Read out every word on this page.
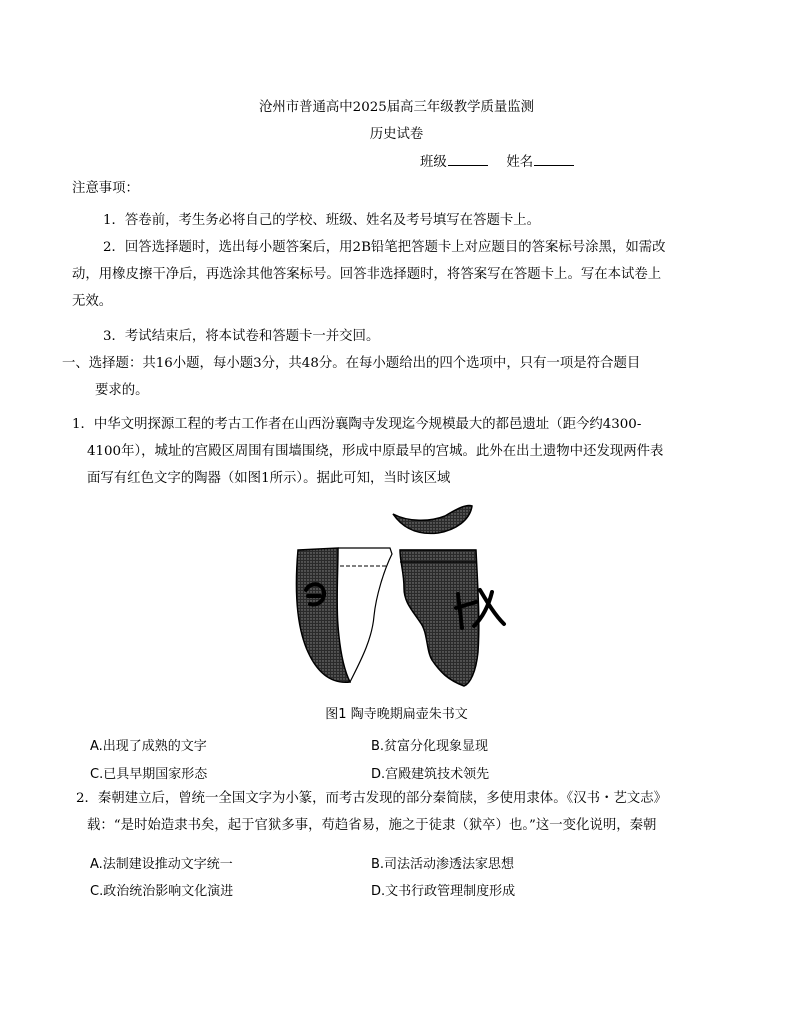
沧州市普通高中2025届高三年级教学质量监测
历史试卷
班级	姓名
注意事项：
1．答卷前，考生务必将自己的学校、班级、姓名及考号填写在答题卡上。
2．回答选择题时，选出每小题答案后，用2B铅笔把答题卡上对应题目的答案标号涂黑，如需改
动，用橡皮擦干净后，再选涂其他答案标号。回答非选择题时，将答案写在答题卡上。写在本试卷上
无效。
3．考试结束后，将本试卷和答题卡一并交回。
一、选择题：共16小题，每小题3分，共48分。在每小题给出的四个选项中，只有一项是符合题目
要求的。
1．中华文明探源工程的考古工作者在山西汾襄陶寺发现迄今规模最大的都邑遗址（距今约4300-
4100年），城址的宫殿区周围有围墙围绕，形成中原最早的宫城。此外在出土遗物中还发现两件表
面写有红色文字的陶器（如图1所示）。据此可知，当时该区域
图1 陶寺晚期扁壶朱书文
A.出现了成熟的文字	B.贫富分化现象显现
C.已具早期国家形态	D.宫殿建筑技术领先
2．秦朝建立后，曾统一全国文字为小篆，而考古发现的部分秦简牍，多使用隶体。《汉书・艺文志》
载：“是时始造隶书矣，起于官狱多事，苟趋省易，施之于徒隶（狱卒）也。”这一变化说明，秦朝
A.法制建设推动文字统一	B.司法活动渗透法家思想
C.政治统治影响文化演进	D.文书行政管理制度形成
